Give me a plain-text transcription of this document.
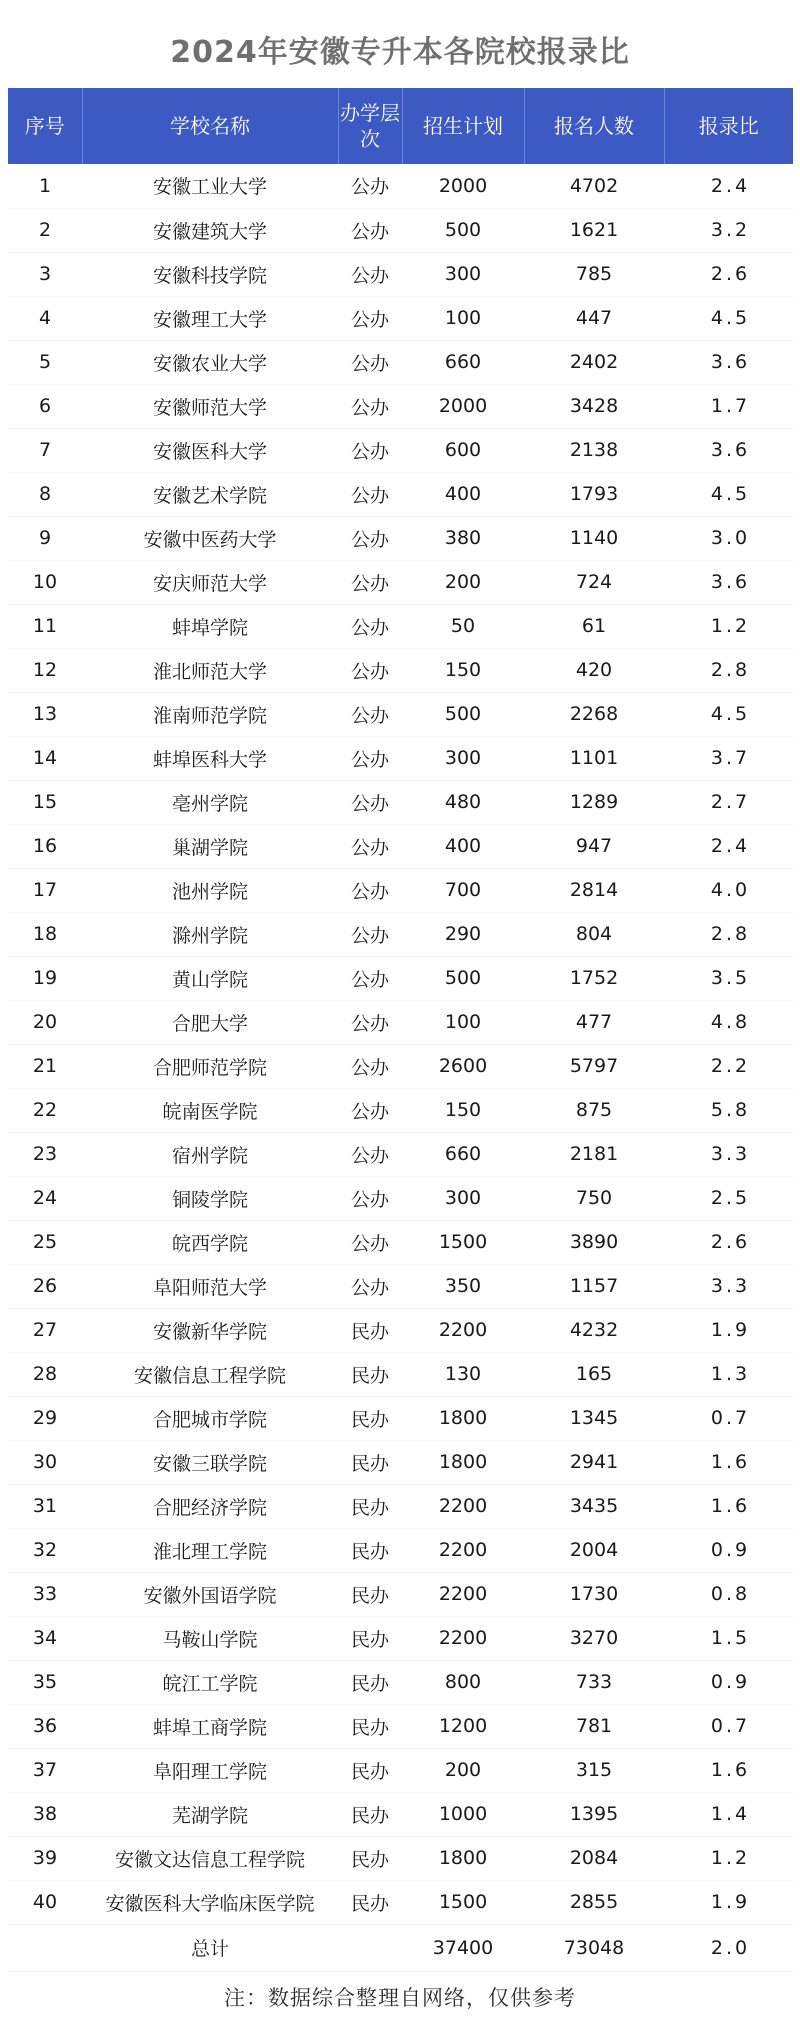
2024年安徽专升本各院校报录比
序号	学校名称	办学层次	招生计划	报名人数	报录比
1	安徽工业大学	公办	2000	4702	2.4
2	安徽建筑大学	公办	500	1621	3.2
3	安徽科技学院	公办	300	785	2.6
4	安徽理工大学	公办	100	447	4.5
5	安徽农业大学	公办	660	2402	3.6
6	安徽师范大学	公办	2000	3428	1.7
7	安徽医科大学	公办	600	2138	3.6
8	安徽艺术学院	公办	400	1793	4.5
9	安徽中医药大学	公办	380	1140	3.0
10	安庆师范大学	公办	200	724	3.6
11	蚌埠学院	公办	50	61	1.2
12	淮北师范大学	公办	150	420	2.8
13	淮南师范学院	公办	500	2268	4.5
14	蚌埠医科大学	公办	300	1101	3.7
15	亳州学院	公办	480	1289	2.7
16	巢湖学院	公办	400	947	2.4
17	池州学院	公办	700	2814	4.0
18	滁州学院	公办	290	804	2.8
19	黄山学院	公办	500	1752	3.5
20	合肥大学	公办	100	477	4.8
21	合肥师范学院	公办	2600	5797	2.2
22	皖南医学院	公办	150	875	5.8
23	宿州学院	公办	660	2181	3.3
24	铜陵学院	公办	300	750	2.5
25	皖西学院	公办	1500	3890	2.6
26	阜阳师范大学	公办	350	1157	3.3
27	安徽新华学院	民办	2200	4232	1.9
28	安徽信息工程学院	民办	130	165	1.3
29	合肥城市学院	民办	1800	1345	0.7
30	安徽三联学院	民办	1800	2941	1.6
31	合肥经济学院	民办	2200	3435	1.6
32	淮北理工学院	民办	2200	2004	0.9
33	安徽外国语学院	民办	2200	1730	0.8
34	马鞍山学院	民办	2200	3270	1.5
35	皖江工学院	民办	800	733	0.9
36	蚌埠工商学院	民办	1200	781	0.7
37	阜阳理工学院	民办	200	315	1.6
38	芜湖学院	民办	1000	1395	1.4
39	安徽文达信息工程学院	民办	1800	2084	1.2
40	安徽医科大学临床医学院	民办	1500	2855	1.9
	总计		37400	73048	2.0
注：数据综合整理自网络，仅供参考
